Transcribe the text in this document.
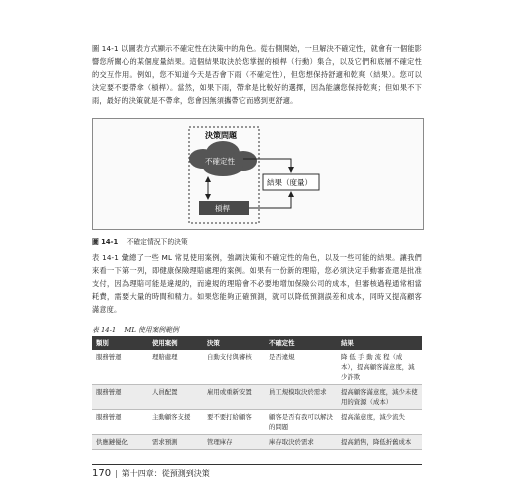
圖 14-1 以圖表方式顯示不確定性在決策中的角色。從右側開始，一旦解決不確定性，就會有一個能影響您所關心的某個度量結果。這個結果取決於您掌握的槓桿（行動）集合，以及它們和底層不確定性的交互作用。例如，您不知道今天是否會下雨（不確定性），但您想保持舒適和乾爽（結果）。您可以決定要不要帶傘（槓桿）。當然，如果下雨，帶傘是比較好的選擇，因為能讓您保持乾爽；但如果不下雨，最好的決策就是不帶傘，您會因無須攜帶它而感到更舒適。

決策問題
不確定性
槓桿
結果（度量）
圖 14-1 不確定情況下的決策

表 14-1 彙總了一些 ML 常見使用案例，強調決策和不確定性的角色，以及一些可能的結果。讓我們來看一下第一列，即健康保險理賠處理的案例。如果有一份新的理賠，您必須決定手動審查還是批准支付，因為理賠可能是違規的，而違規的理賠會不必要地增加保險公司的成本，但審核過程通常相當耗費，需要大量的時間和精力。如果您能夠正確預測，就可以降低預測誤差和成本，同時又提高顧客滿意度。

表 14-1 ML 使用案例範例
類別	使用案例	決策	不確定性	結果
服務營運	理賠處理	自動支付與審核	是否違規	降 低 手 動 流 程（成本），提高顧客滿意度，減少詐欺
服務營運	人員配置	雇用或重新安置	員工規模取決於需求	提高顧客滿意度，減少未使用的資源（成本）
服務營運	主動顧客支援	要不要打給顧客	顧客是否有我可以解決的問題	提高滿意度，減少流失
供應鏈優化	需求預測	管理庫存	庫存取決於需求	提高銷售，降低折舊成本
170 | 第十四章：從預測到決策
